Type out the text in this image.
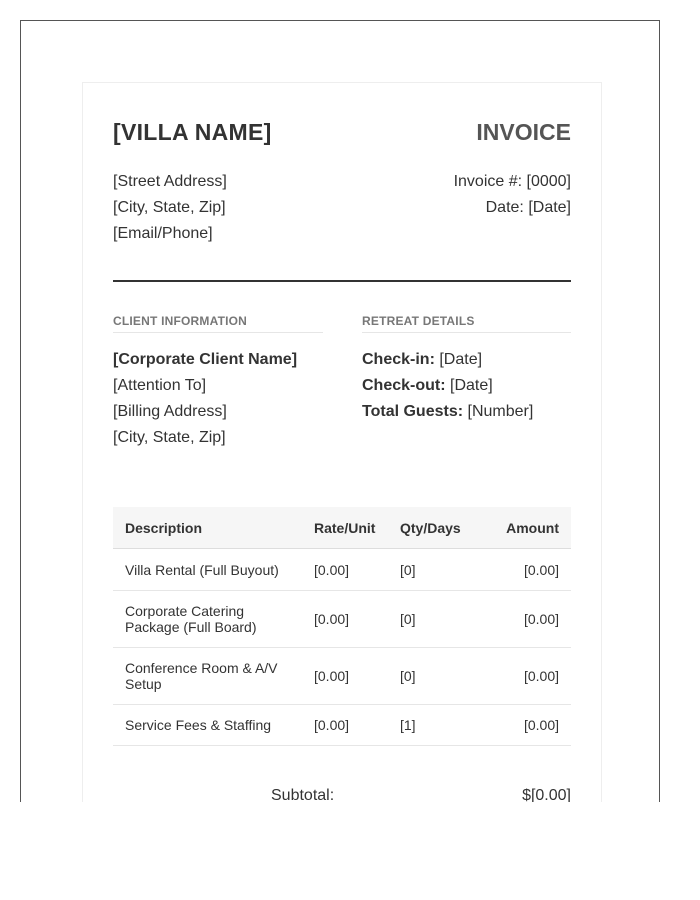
[VILLA NAME]	INVOICE
[Street Address]
[City, State, Zip]
[Email/Phone]
Invoice #: [0000]
Date: [Date]
CLIENT INFORMATION	RETREAT DETAILS
[Corporate Client Name]
[Attention To]
[Billing Address]
[City, State, Zip]
Check-in: [Date]
Check-out: [Date]
Total Guests: [Number]
Description	Rate/Unit	Qty/Days	Amount
Villa Rental (Full Buyout)	[0.00]	[0]	[0.00]
Corporate Catering Package (Full Board)	[0.00]	[0]	[0.00]
Conference Room & A/V Setup	[0.00]	[0]	[0.00]
Service Fees & Staffing	[0.00]	[1]	[0.00]
Subtotal:	$[0.00]
